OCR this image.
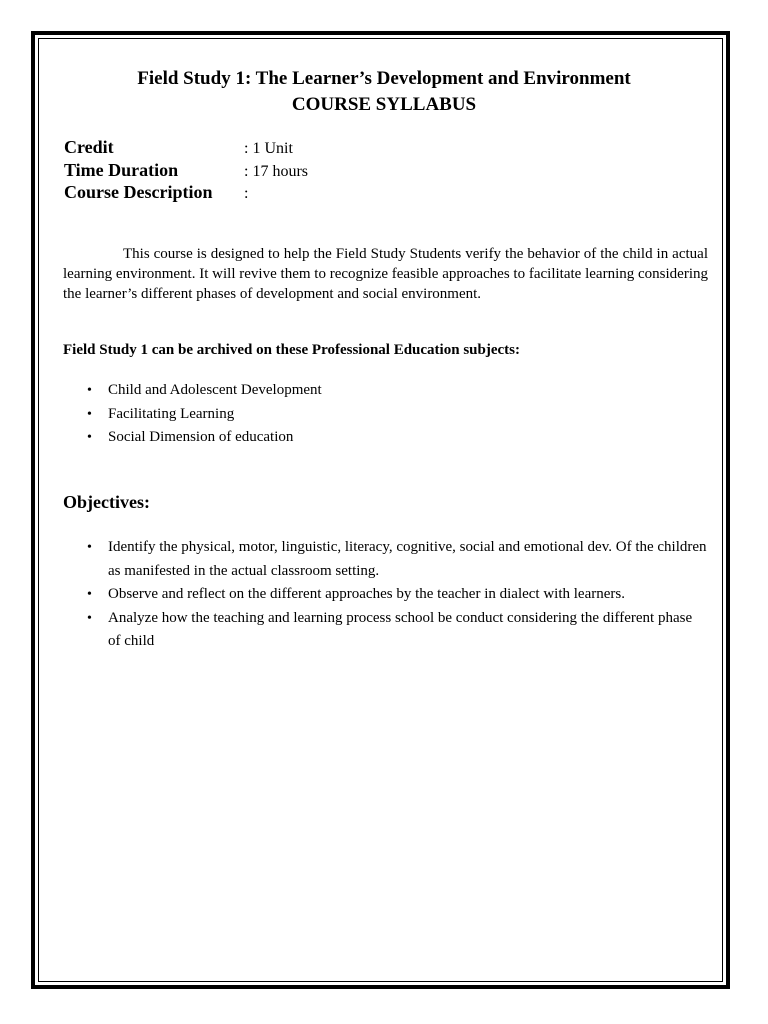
Field Study 1: The Learner’s Development and Environment
COURSE SYLLABUS
Credit	: 1 Unit
Time Duration	: 17 hours
Course Description	:
This course is designed to help the Field Study Students verify the behavior of the child in actual learning environment. It will revive them to recognize feasible approaches to facilitate learning considering the learner’s different phases of development and social environment.
Field Study 1 can be archived on these Professional Education subjects:
• Child and Adolescent Development
• Facilitating Learning
• Social Dimension of education
Objectives:
• Identify the physical, motor, linguistic, literacy, cognitive, social and emotional dev. Of the children as manifested in the actual classroom setting.
• Observe and reflect on the different approaches by the teacher in dialect with learners.
• Analyze how the teaching and learning process school be conduct considering the different phase of child
